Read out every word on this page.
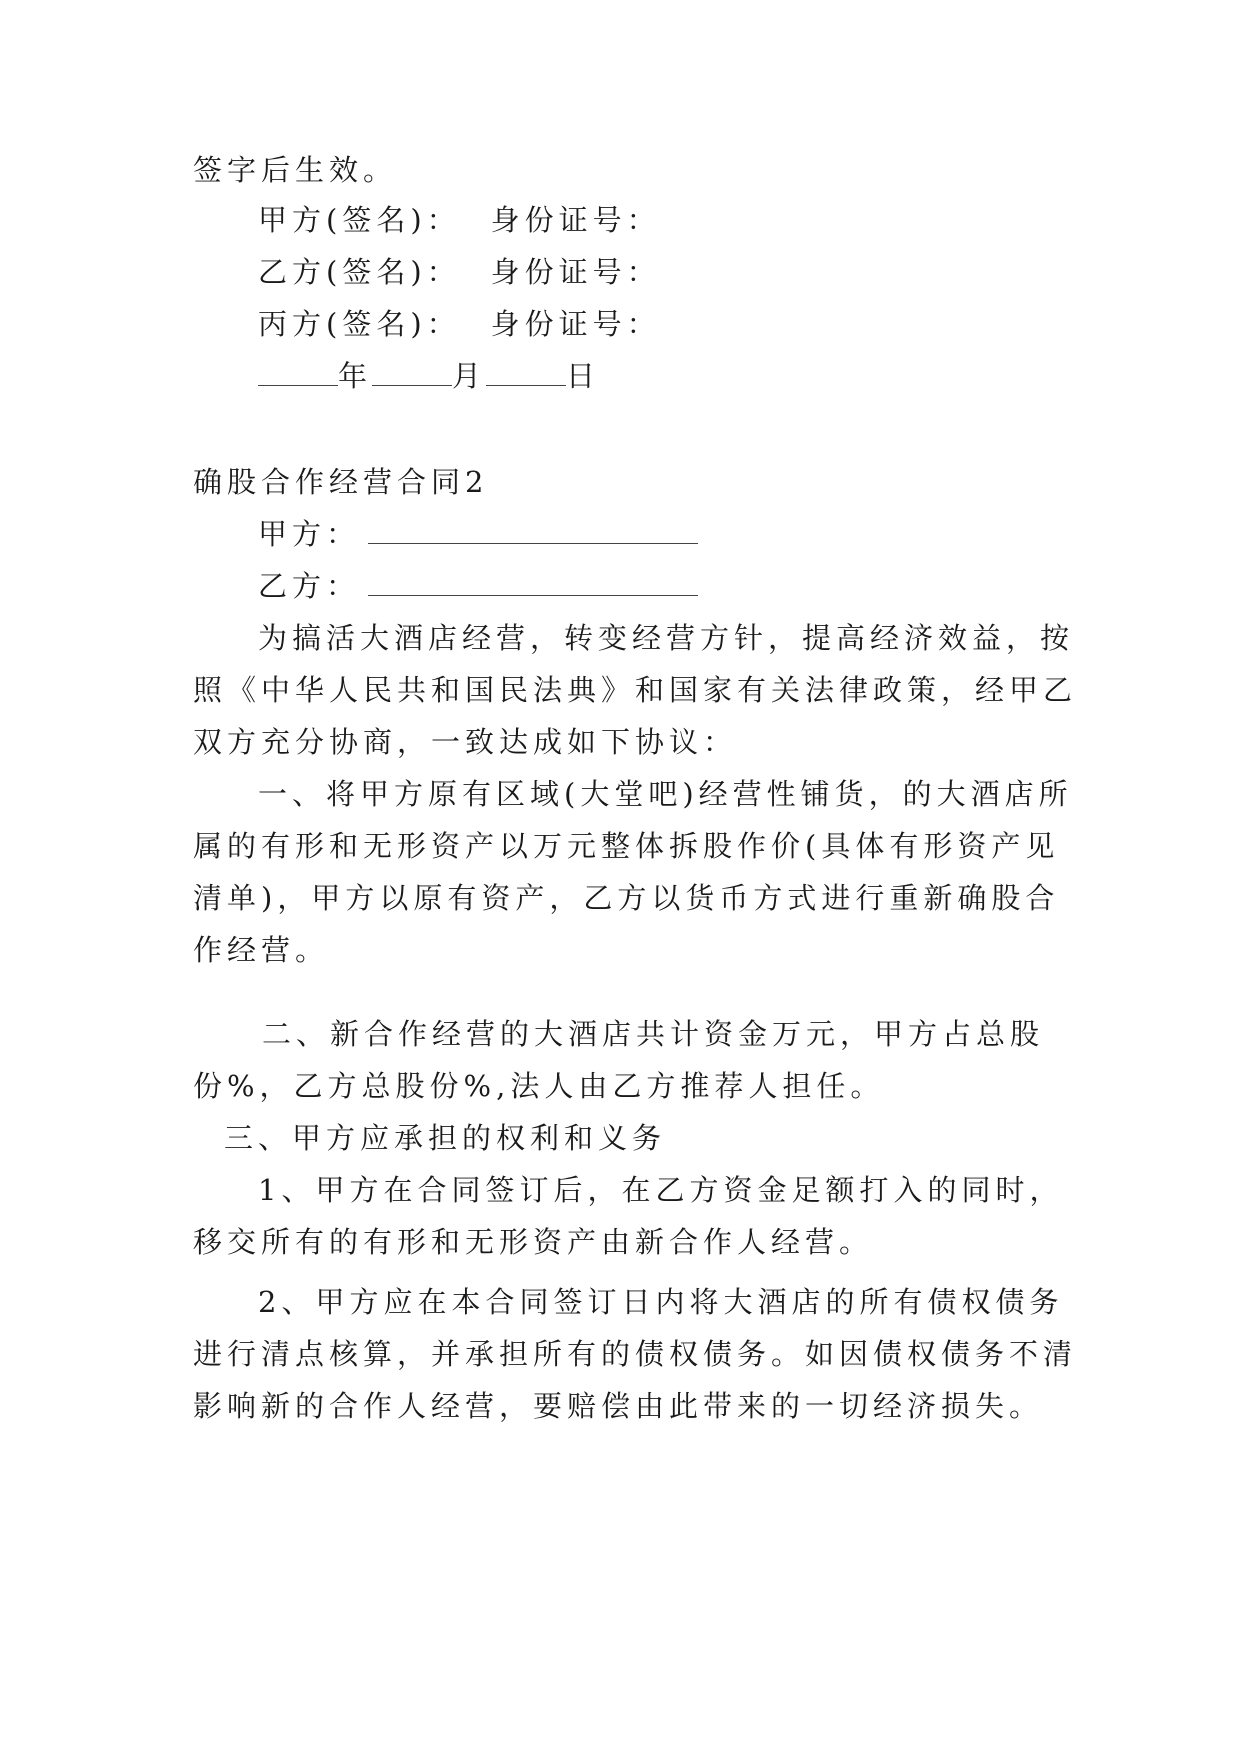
签字后生效。
甲方(签名)： 身份证号：
乙方(签名)： 身份证号：
丙方(签名)： 身份证号：
年	月	日
确股合作经营合同2
甲方：
乙方：
为搞活大酒店经营，转变经营方针，提高经济效益，按
照《中华人民共和国民法典》和国家有关法律政策，经甲乙
双方充分协商，一致达成如下协议：
一、将甲方原有区域(大堂吧)经营性铺货，的大酒店所
属的有形和无形资产以万元整体拆股作价(具体有形资产见
清单)，甲方以原有资产，乙方以货币方式进行重新确股合
作经营。
二、新合作经营的大酒店共计资金万元，甲方占总股
份%，乙方总股份%,法人由乙方推荐人担任。
三、甲方应承担的权利和义务
1、甲方在合同签订后，在乙方资金足额打入的同时，
移交所有的有形和无形资产由新合作人经营。
2、甲方应在本合同签订日内将大酒店的所有债权债务
进行清点核算，并承担所有的债权债务。如因债权债务不清
影响新的合作人经营，要赔偿由此带来的一切经济损失。
